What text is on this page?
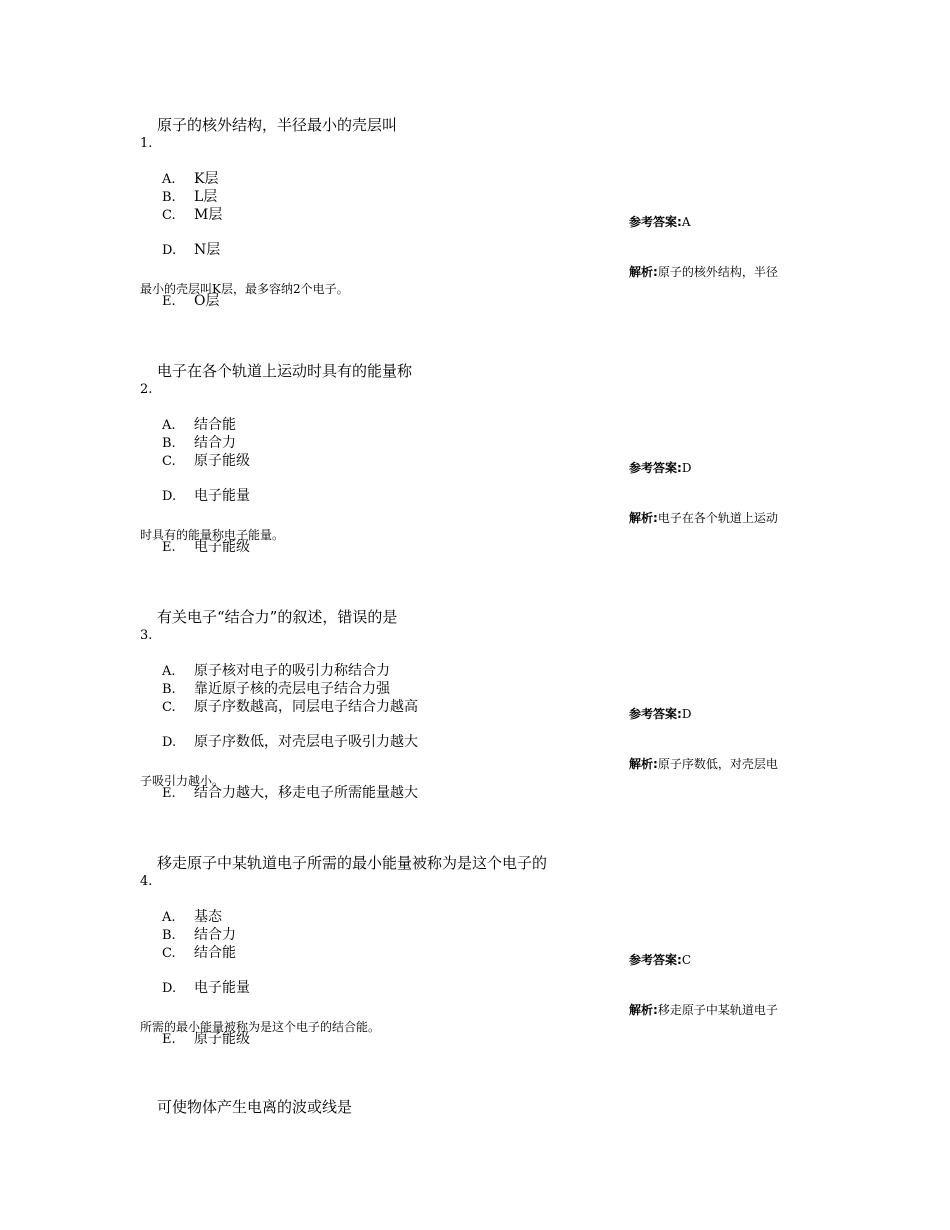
原子的核外结构，半径最小的壳层叫
1.
A. K层
B. L层
C. M层
D. N层
E. O层
参考答案:A
解析:原子的核外结构，半径
最小的壳层叫K层，最多容纳2个电子。
电子在各个轨道上运动时具有的能量称
2.
A. 结合能
B. 结合力
C. 原子能级
D. 电子能量
E. 电子能级
参考答案:D
解析:电子在各个轨道上运动
时具有的能量称电子能量。
有关电子“结合力”的叙述，错误的是
3.
A. 原子核对电子的吸引力称结合力
B. 靠近原子核的壳层电子结合力强
C. 原子序数越高，同层电子结合力越高
D. 原子序数低，对壳层电子吸引力越大
E. 结合力越大，移走电子所需能量越大
参考答案:D
解析:原子序数低，对壳层电
子吸引力越小。
移走原子中某轨道电子所需的最小能量被称为是这个电子的
4.
A. 基态
B. 结合力
C. 结合能
D. 电子能量
E. 原子能级
参考答案:C
解析:移走原子中某轨道电子
所需的最小能量被称为是这个电子的结合能。
可使物体产生电离的波或线是
